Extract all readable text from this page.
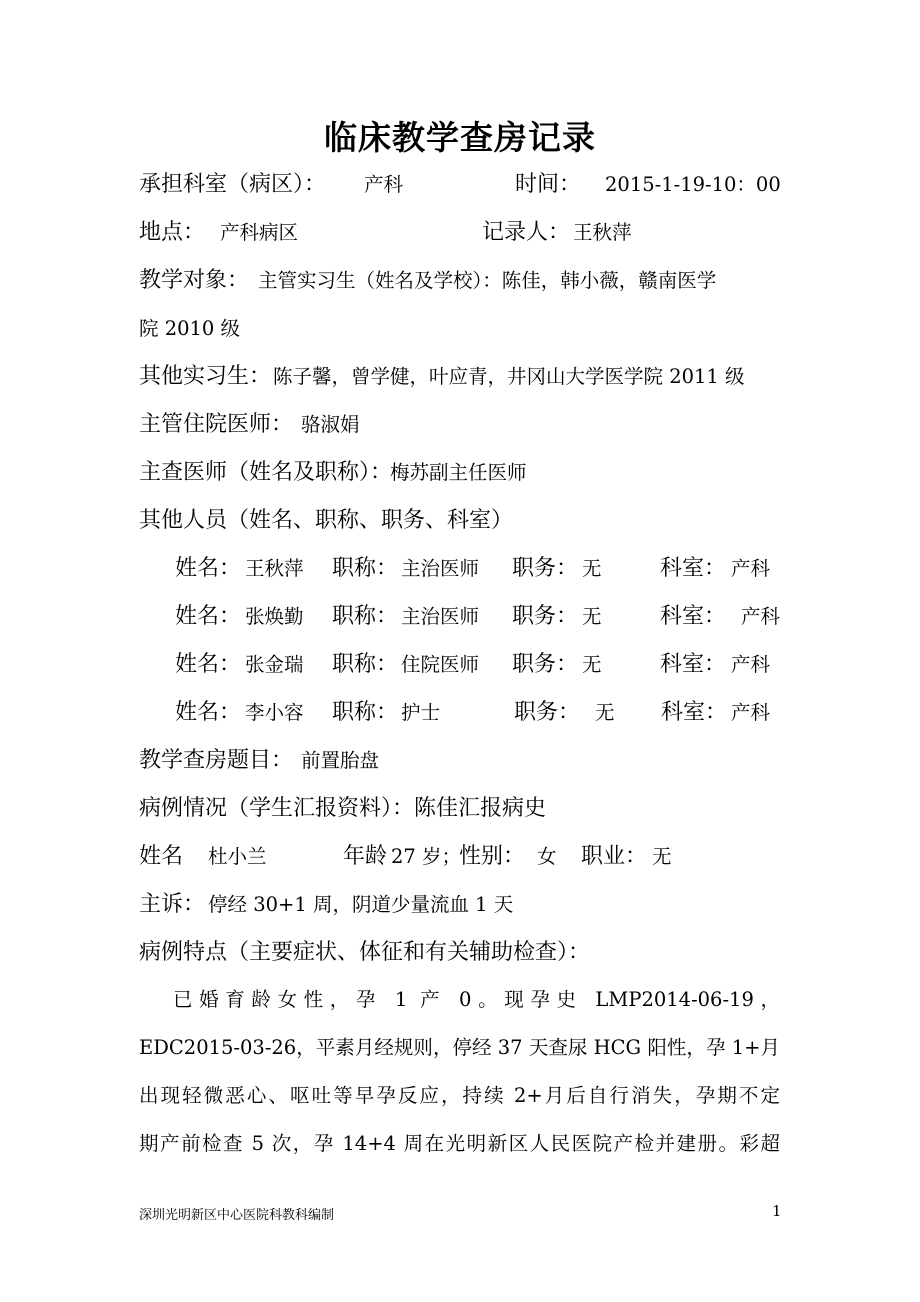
临床教学查房记录
承担科室（病区）： 产科	时间： 2015-1-19-10：00
地点： 产科病区	记录人： 王秋萍
教学对象： 主管实习生（姓名及学校）：陈佳，韩小薇，赣南医学
院 2010 级
其他实习生： 陈子馨，曾学健，叶应青，井冈山大学医学院 2011 级
主管住院医师： 骆淑娟
主查医师（姓名及职称）：
梅苏副主任医师
其他人员（姓名、职称、职务、科室）
姓名： 王秋萍 职称： 主治医师 职务： 无	科室： 产科
姓名： 张焕勤 职称： 主治医师 职务： 无	科室： 产科
姓名： 张金瑞 职称： 住院医师 职务： 无	科室： 产科
姓名： 李小容 职称： 护士	职务： 无 科室： 产科
教学查房题目： 前置胎盘
病例情况（学生汇报资料）：陈佳汇报病史
姓名 杜小兰	年龄 27 岁；
性别： 女 职业： 无
主诉： 停经 30+1 周，阴道少量流血 1 天
病例特点（主要症状、体征和有关辅助检查）：
已婚育龄女性，孕 1 产 0。现孕史 LMP2014-06-19，
EDC2015-03-26，平素月经规则，停经 37 天查尿 HCG 阳性，孕 1+月
出现轻微恶心、呕吐等早孕反应，持续 2+月后自行消失，孕期不定
期产前检查 5 次，孕 14+4 周在光明新区人民医院产检并建册。彩超
深圳光明新区中心医院科教科编制	1
